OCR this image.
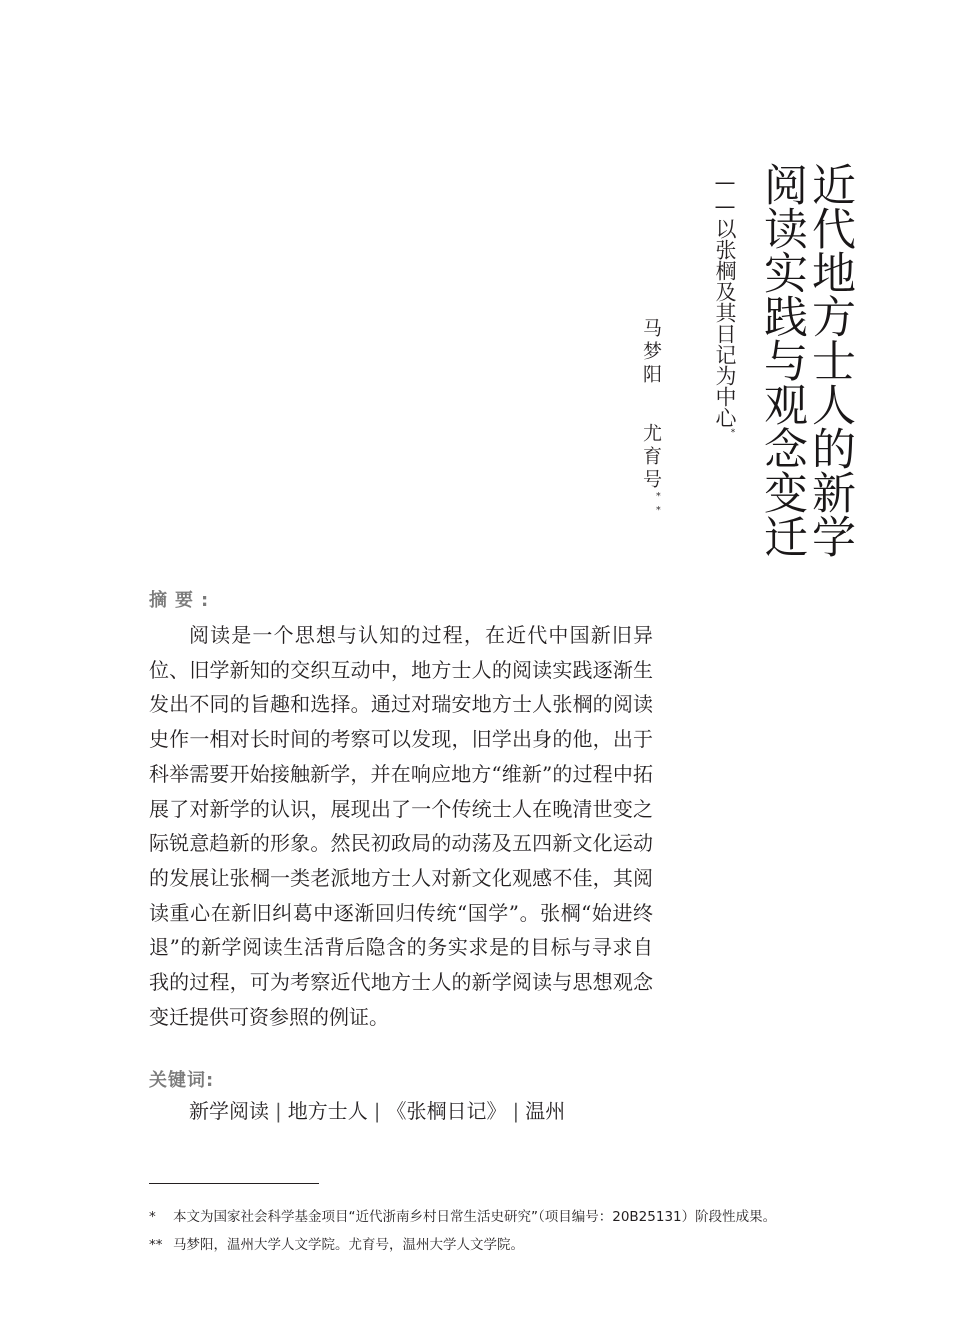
近代地方士人的新学
阅读实践与观念变迁
——以张棡及其日记为中心*
马梦阳尤育号**
摘要:

阅读是一个思想与认知的过程，在近代中国新旧异位、旧学新知的交织互动中，地方士人的阅读实践逐渐生发出不同的旨趣和选择。通过对瑞安地方士人张棡的阅读史作一相对长时间的考察可以发现，旧学出身的他，出于科举需要开始接触新学，并在响应地方“维新”的过程中拓展了对新学的认识，展现出了一个传统士人在晚清世变之际锐意趋新的形象。然民初政局的动荡及五四新文化运动的发展让张棡一类老派地方士人对新文化观感不佳，其阅读重心在新旧纠葛中逐渐回归传统“国学”。张棡“始进终退”的新学阅读生活背后隐含的务实求是的目标与寻求自我的过程，可为考察近代地方士人的新学阅读与思想观念变迁提供可资参照的例证。

关键词:
新学阅读 | 地方士人 | 《张棡日记》 | 温州
* 本文为国家社会科学基金项目“近代浙南乡村日常生活史研究”（项目编号：20B25131）阶段性成果。
** 马梦阳，温州大学人文学院。尤育号，温州大学人文学院。
